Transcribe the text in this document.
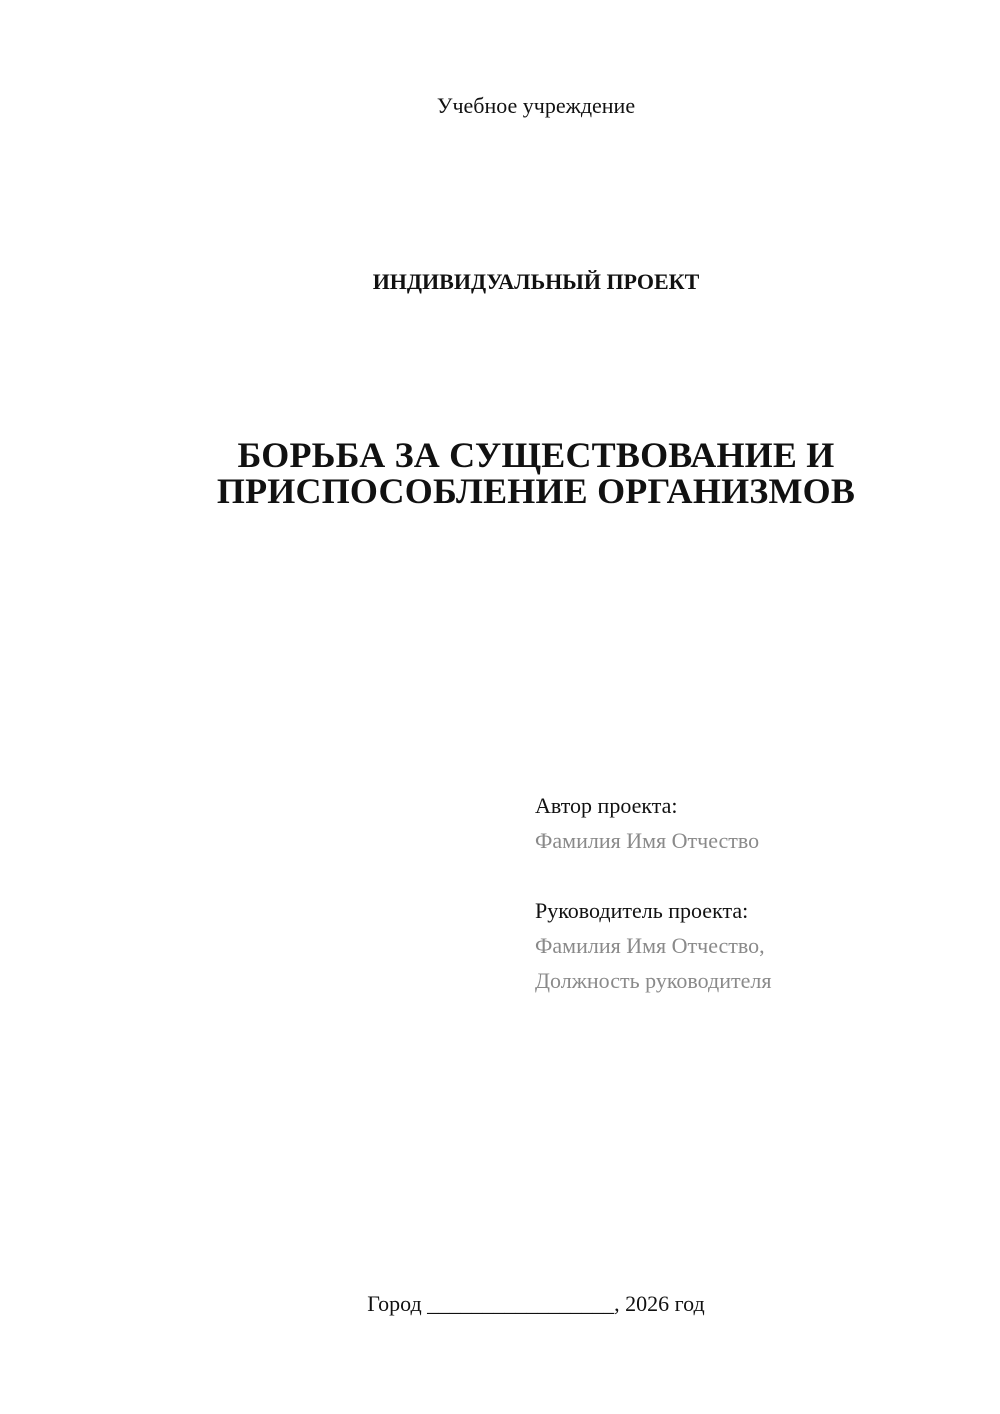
Учебное учреждение
ИНДИВИДУАЛЬНЫЙ ПРОЕКТ
БОРЬБА ЗА СУЩЕСТВОВАНИЕ И
ПРИСПОСОБЛЕНИЕ ОРГАНИЗМОВ
Автор проекта:
Фамилия Имя Отчество
Руководитель проекта:
Фамилия Имя Отчество,
Должность руководителя
Город _________________, 2026 год
